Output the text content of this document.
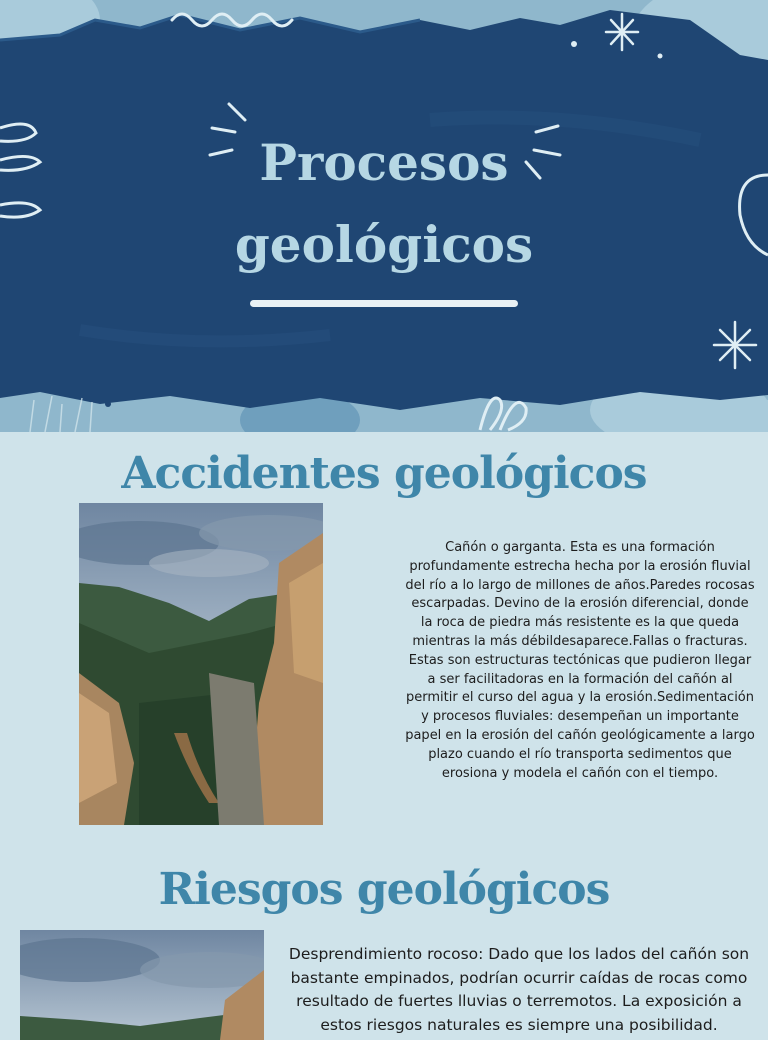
Procesos
geológicos
Accidentes geológicos

Cañón o garganta. Esta es una formación profundamente estrecha hecha por la erosión fluvial del río a lo largo de millones de años.Paredes rocosas escarpadas. Devino de la erosión diferencial, donde la roca de piedra más resistente es la que queda mientras la más débildesaparece.Fallas o fracturas. Estas son estructuras tectónicas que pudieron llegar a ser facilitadoras en la formación del cañón al permitir el curso del agua y la erosión.Sedimentación y procesos fluviales: desempeñan un importante papel en la erosión del cañón geológicamente a largo plazo cuando el río transporta sedimentos que erosiona y modela el cañón con el tiempo.

Riesgos geológicos

Desprendimiento rocoso: Dado que los lados del cañón son bastante empinados, podrían ocurrir caídas de rocas como resultado de fuertes lluvias o terremotos. La exposición a estos riesgos naturales es siempre una posibilidad.
